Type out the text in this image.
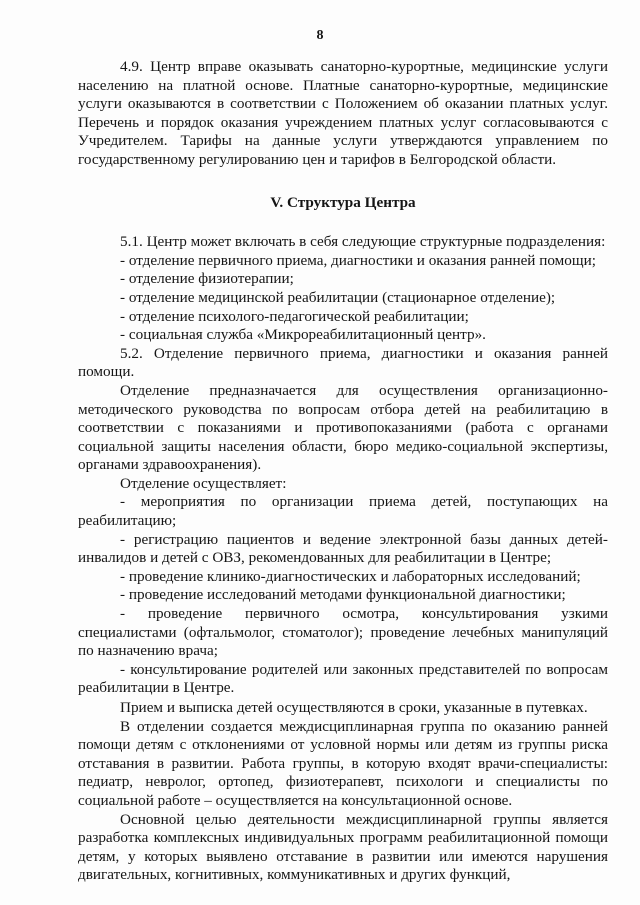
8

4.9. Центр вправе оказывать санаторно-курортные, медицинские услуги населению на платной основе. Платные санаторно-курортные, медицинские услуги оказываются в соответствии с Положением об оказании платных услуг. Перечень и порядок оказания учреждением платных услуг согласовываются с Учредителем. Тарифы на данные услуги утверждаются управлением по государственному регулированию цен и тарифов в Белгородской области.

V. Структура Центра

5.1. Центр может включать в себя следующие структурные подразделения:

- отделение первичного приема, диагностики и оказания ранней помощи;

- отделение физиотерапии;

- отделение медицинской реабилитации (стационарное отделение);

- отделение психолого-педагогической реабилитации;

- социальная служба «Микрореабилитационный центр».

5.2. Отделение первичного приема, диагностики и оказания ранней помощи.

Отделение предназначается для осуществления организационно-методического руководства по вопросам отбора детей на реабилитацию в соответствии с показаниями и противопоказаниями (работа с органами социальной защиты населения области, бюро медико-социальной экспертизы, органами здравоохранения).

Отделение осуществляет:

- мероприятия по организации приема детей, поступающих на реабилитацию;

- регистрацию пациентов и ведение электронной базы данных детей-инвалидов и детей с ОВЗ, рекомендованных для реабилитации в Центре;

- проведение клинико-диагностических и лабораторных исследований;

- проведение исследований методами функциональной диагностики;

- проведение первичного осмотра, консультирования узкими специалистами (офтальмолог, стоматолог); проведение лечебных манипуляций по назначению врача;

- консультирование родителей или законных представителей по вопросам реабилитации в Центре.

Прием и выписка детей осуществляются в сроки, указанные в путевках.

В отделении создается междисциплинарная группа по оказанию ранней помощи детям с отклонениями от условной нормы или детям из группы риска отставания в развитии. Работа группы, в которую входят врачи-специалисты: педиатр, невролог, ортопед, физиотерапевт, психологи и специалисты по социальной работе – осуществляется на консультационной основе.

Основной целью деятельности междисциплинарной группы является разработка комплексных индивидуальных программ реабилитационной помощи детям, у которых выявлено отставание в развитии или имеются нарушения двигательных, когнитивных, коммуникативных и других функций,
